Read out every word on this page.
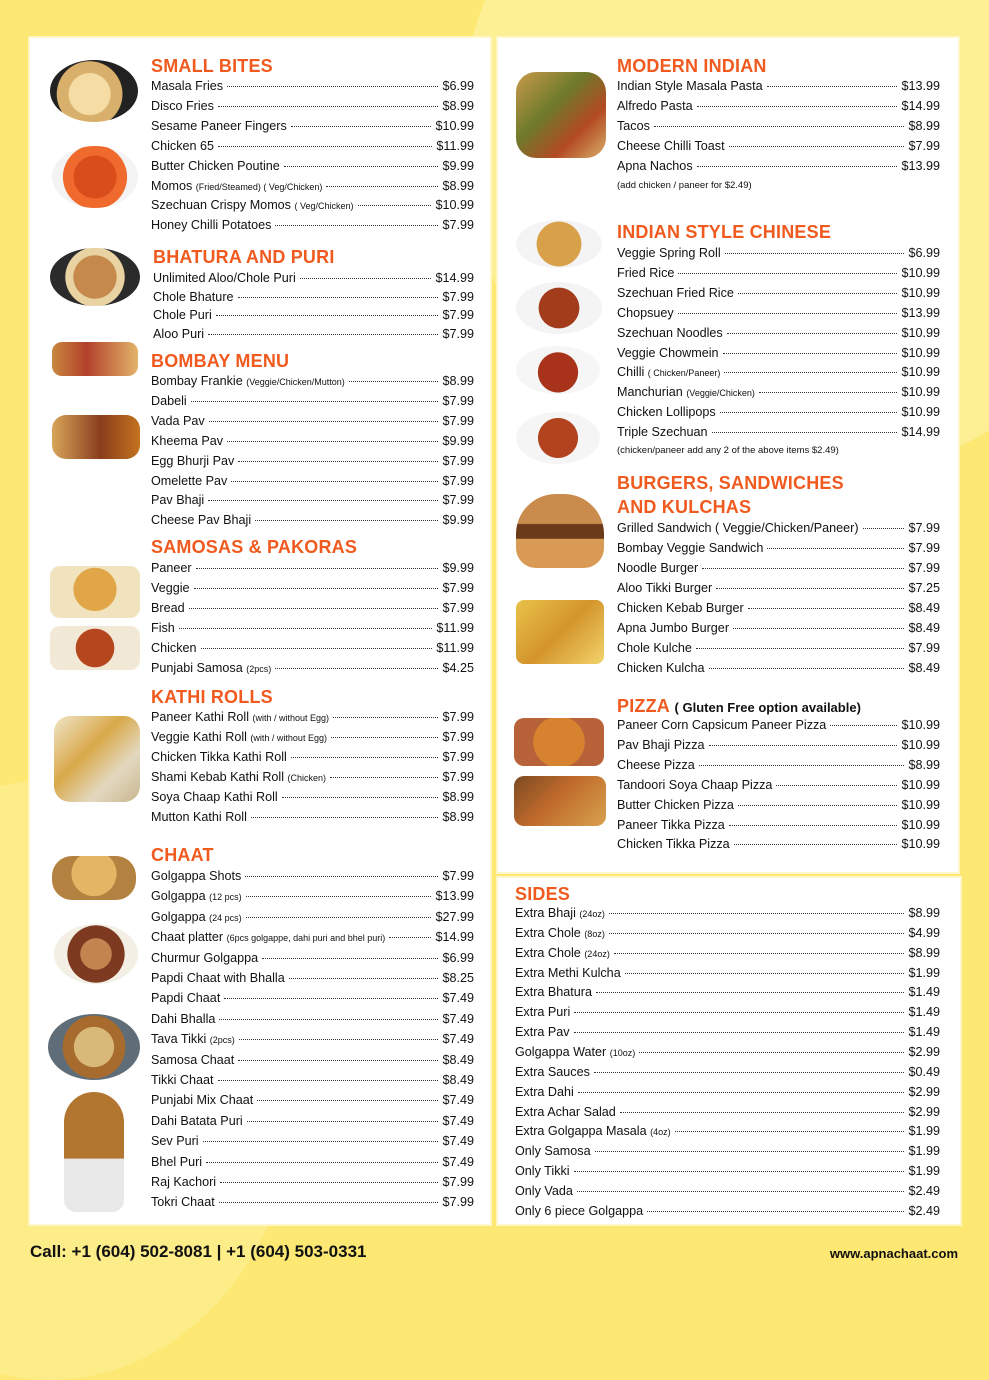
SMALL BITES
Masala Fries	$6.99
Disco Fries	$8.99
Sesame Paneer Fingers	$10.99
Chicken 65	$11.99
Butter Chicken Poutine	$9.99
Momos (Fried/Steamed) ( Veg/Chicken)	$8.99
Szechuan Crispy Momos ( Veg/Chicken)	$10.99
Honey Chilli Potatoes	$7.99
BHATURA AND PURI
Unlimited Aloo/Chole Puri	$14.99
Chole Bhature	$7.99
Chole Puri	$7.99
Aloo Puri	$7.99
BOMBAY MENU
Bombay Frankie (Veggie/Chicken/Mutton)	$8.99
Dabeli	$7.99
Vada Pav	$7.99
Kheema Pav	$9.99
Egg Bhurji Pav	$7.99
Omelette Pav	$7.99
Pav Bhaji	$7.99
Cheese Pav Bhaji	$9.99
SAMOSAS & PAKORAS
Paneer	$9.99
Veggie	$7.99
Bread	$7.99
Fish	$11.99
Chicken	$11.99
Punjabi Samosa (2pcs)	$4.25
KATHI ROLLS
Paneer Kathi Roll (with / without Egg)	$7.99
Veggie Kathi Roll (with / without Egg)	$7.99
Chicken Tikka Kathi Roll	$7.99
Shami Kebab Kathi Roll (Chicken)	$7.99
Soya Chaap Kathi Roll	$8.99
Mutton Kathi Roll	$8.99
CHAAT
Golgappa Shots	$7.99
Golgappa (12 pcs)	$13.99
Golgappa (24 pcs)	$27.99
Chaat platter (6pcs golgappe, dahi puri and bhel puri)	$14.99
Churmur Golgappa	$6.99
Papdi Chaat with Bhalla	$8.25
Papdi Chaat	$7.49
Dahi Bhalla	$7.49
Tava Tikki (2pcs)	$7.49
Samosa Chaat	$8.49
Tikki Chaat	$8.49
Punjabi Mix Chaat	$7.49
Dahi Batata Puri	$7.49
Sev Puri	$7.49
Bhel Puri	$7.49
Raj Kachori	$7.99
Tokri Chaat	$7.99
MODERN INDIAN
Indian Style Masala Pasta	$13.99
Alfredo Pasta	$14.99
Tacos	$8.99
Cheese Chilli Toast	$7.99
Apna Nachos	$13.99
(add chicken / paneer for $2.49)
INDIAN STYLE CHINESE
Veggie Spring Roll	$6.99
Fried Rice	$10.99
Szechuan Fried Rice	$10.99
Chopsuey	$13.99
Szechuan Noodles	$10.99
Veggie Chowmein	$10.99
Chilli ( Chicken/Paneer)	$10.99
Manchurian (Veggie/Chicken)	$10.99
Chicken Lollipops	$10.99
Triple Szechuan	$14.99
(chicken/paneer add any 2 of the above items $2.49)
BURGERS, SANDWICHES
AND KULCHAS
Grilled Sandwich ( Veggie/Chicken/Paneer)	$7.99
Bombay Veggie Sandwich	$7.99
Noodle Burger	$7.99
Aloo Tikki Burger	$7.25
Chicken Kebab Burger	$8.49
Apna Jumbo Burger	$8.49
Chole Kulche	$7.99
Chicken Kulcha	$8.49
PIZZA ( Gluten Free option available)
Paneer Corn Capsicum Paneer Pizza	$10.99
Pav Bhaji Pizza	$10.99
Cheese Pizza	$8.99
Tandoori Soya Chaap Pizza	$10.99
Butter Chicken Pizza	$10.99
Paneer Tikka Pizza	$10.99
Chicken Tikka Pizza	$10.99
SIDES
Extra Bhaji (24oz)	$8.99
Extra Chole (8oz)	$4.99
Extra Chole (24oz)	$8.99
Extra Methi Kulcha	$1.99
Extra Bhatura	$1.49
Extra Puri	$1.49
Extra Pav	$1.49
Golgappa Water (10oz)	$2.99
Extra Sauces	$0.49
Extra Dahi	$2.99
Extra Achar Salad	$2.99
Extra Golgappa Masala (4oz)	$1.99
Only Samosa	$1.99
Only Tikki	$1.99
Only Vada	$2.49
Only 6 piece Golgappa	$2.49
Call: +1 (604) 502-8081 | +1 (604) 503-0331	www.apnachaat.com
